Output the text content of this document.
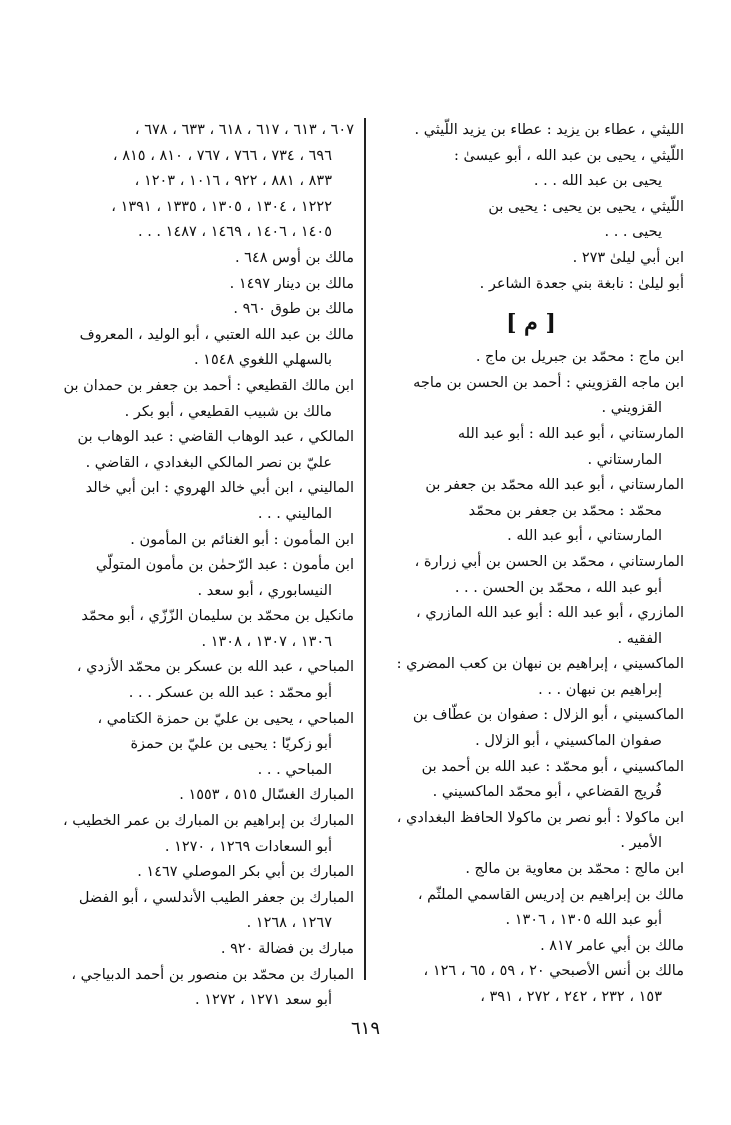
الليثي ، عطاء بن يزيد : عطاء بن يزيد اللّيثي .
اللّيثي ، يحيى بن عبد الله ، أبو عيسىٰ :
يحيى بن عبد الله . . .
اللّيثي ، يحيى بن يحيى : يحيى بن
يحيى . . .
ابن أبي ليلىٰ ٢٧٣ .
أبو ليلىٰ : نابغة بني جعدة الشاعر .
[ م ]
ابن ماج : محمّد بن جبريل بن ماج .
ابن ماجه القزويني : أحمد بن الحسن بن ماجه
القزويني .
المارستاني ، أبو عبد الله : أبو عبد الله
المارستاني .
المارستاني ، أبو عبد الله محمّد بن جعفر بن
محمّد : محمّد بن جعفر بن محمّد
المارستاني ، أبو عبد الله .
المارستاني ، محمّد بن الحسن بن أبي زرارة ،
أبو عبد الله ، محمّد بن الحسن . . .
المازري ، أبو عبد الله : أبو عبد الله المازري ،
الفقيه .
الماكسيني ، إبراهيم بن نبهان بن كعب المضري :
إبراهيم بن نبهان . . .
الماكسيني ، أبو الزلال : صفوان بن عطّاف بن
صفوان الماكسيني ، أبو الزلال .
الماكسيني ، أبو محمّد : عبد الله بن أحمد بن
فُريج القضاعي ، أبو محمّد الماكسيني .
ابن ماكولا : أبو نصر بن ماكولا الحافظ البغدادي ،
الأمير .
ابن مالج : محمّد بن معاوية بن مالج .
مالك بن إبراهيم بن إدريس القاسمي الملثّم ،
أبو عبد الله ١٣٠٥ ، ١٣٠٦ .
مالك بن أبي عامر ٨١٧ .
مالك بن أنس الأصبحي ٢٠ ، ٥٩ ، ٦٥ ، ١٢٦ ،
١٥٣ ، ٢٣٢ ، ٢٤٢ ، ٢٧٢ ، ٣٩١ ،
٦٠٧ ، ٦١٣ ، ٦١٧ ، ٦١٨ ، ٦٣٣ ، ٦٧٨ ،
٦٩٦ ، ٧٣٤ ، ٧٦٦ ، ٧٦٧ ، ٨١٠ ، ٨١٥ ،
٨٣٣ ، ٨٨١ ، ٩٢٢ ، ١٠١٦ ، ١٢٠٣ ،
١٢٢٢ ، ١٣٠٤ ، ١٣٠٥ ، ١٣٣٥ ، ١٣٩١ ،
١٤٠٥ ، ١٤٠٦ ، ١٤٦٩ ، ١٤٨٧ . . .
مالك بن أوس ٦٤٨ .
مالك بن دينار ١٤٩٧ .
مالك بن طوق ٩٦٠ .
مالك بن عبد الله العتبي ، أبو الوليد ، المعروف
بالسهلي اللغوي ١٥٤٨ .
ابن مالك القطيعي : أحمد بن جعفر بن حمدان بن
مالك بن شبيب القطيعي ، أبو بكر .
المالكي ، عبد الوهاب القاضي : عبد الوهاب بن
عليّ بن نصر المالكي البغدادي ، القاضي .
الماليني ، ابن أبي خالد الهروي : ابن أبي خالد
الماليني . . .
ابن المأمون : أبو الغنائم بن المأمون .
ابن مأمون : عبد الرّحمٰن بن مأمون المتولّي
النيسابوري ، أبو سعد .
مانكيل بن محمّد بن سليمان الزّزّي ، أبو محمّد
١٣٠٦ ، ١٣٠٧ ، ١٣٠٨ .
المباحي ، عبد الله بن عسكر بن محمّد الأزدي ،
أبو محمّد : عبد الله بن عسكر . . .
المباحي ، يحيى بن عليّ بن حمزة الكتامي ،
أبو زكريّا : يحيى بن عليّ بن حمزة
المباحي . . .
المبارك الغسّال ٥١٥ ، ١٥٥٣ .
المبارك بن إبراهيم بن المبارك بن عمر الخطيب ،
أبو السعادات ١٢٦٩ ، ١٢٧٠ .
المبارك بن أبي بكر الموصلي ١٤٦٧ .
المبارك بن جعفر الطيب الأندلسي ، أبو الفضل
١٢٦٧ ، ١٢٦٨ .
مبارك بن فضالة ٩٢٠ .
المبارك بن محمّد بن منصور بن أحمد الدبياجي ،
أبو سعد ١٢٧١ ، ١٢٧٢ .
٦١٩
